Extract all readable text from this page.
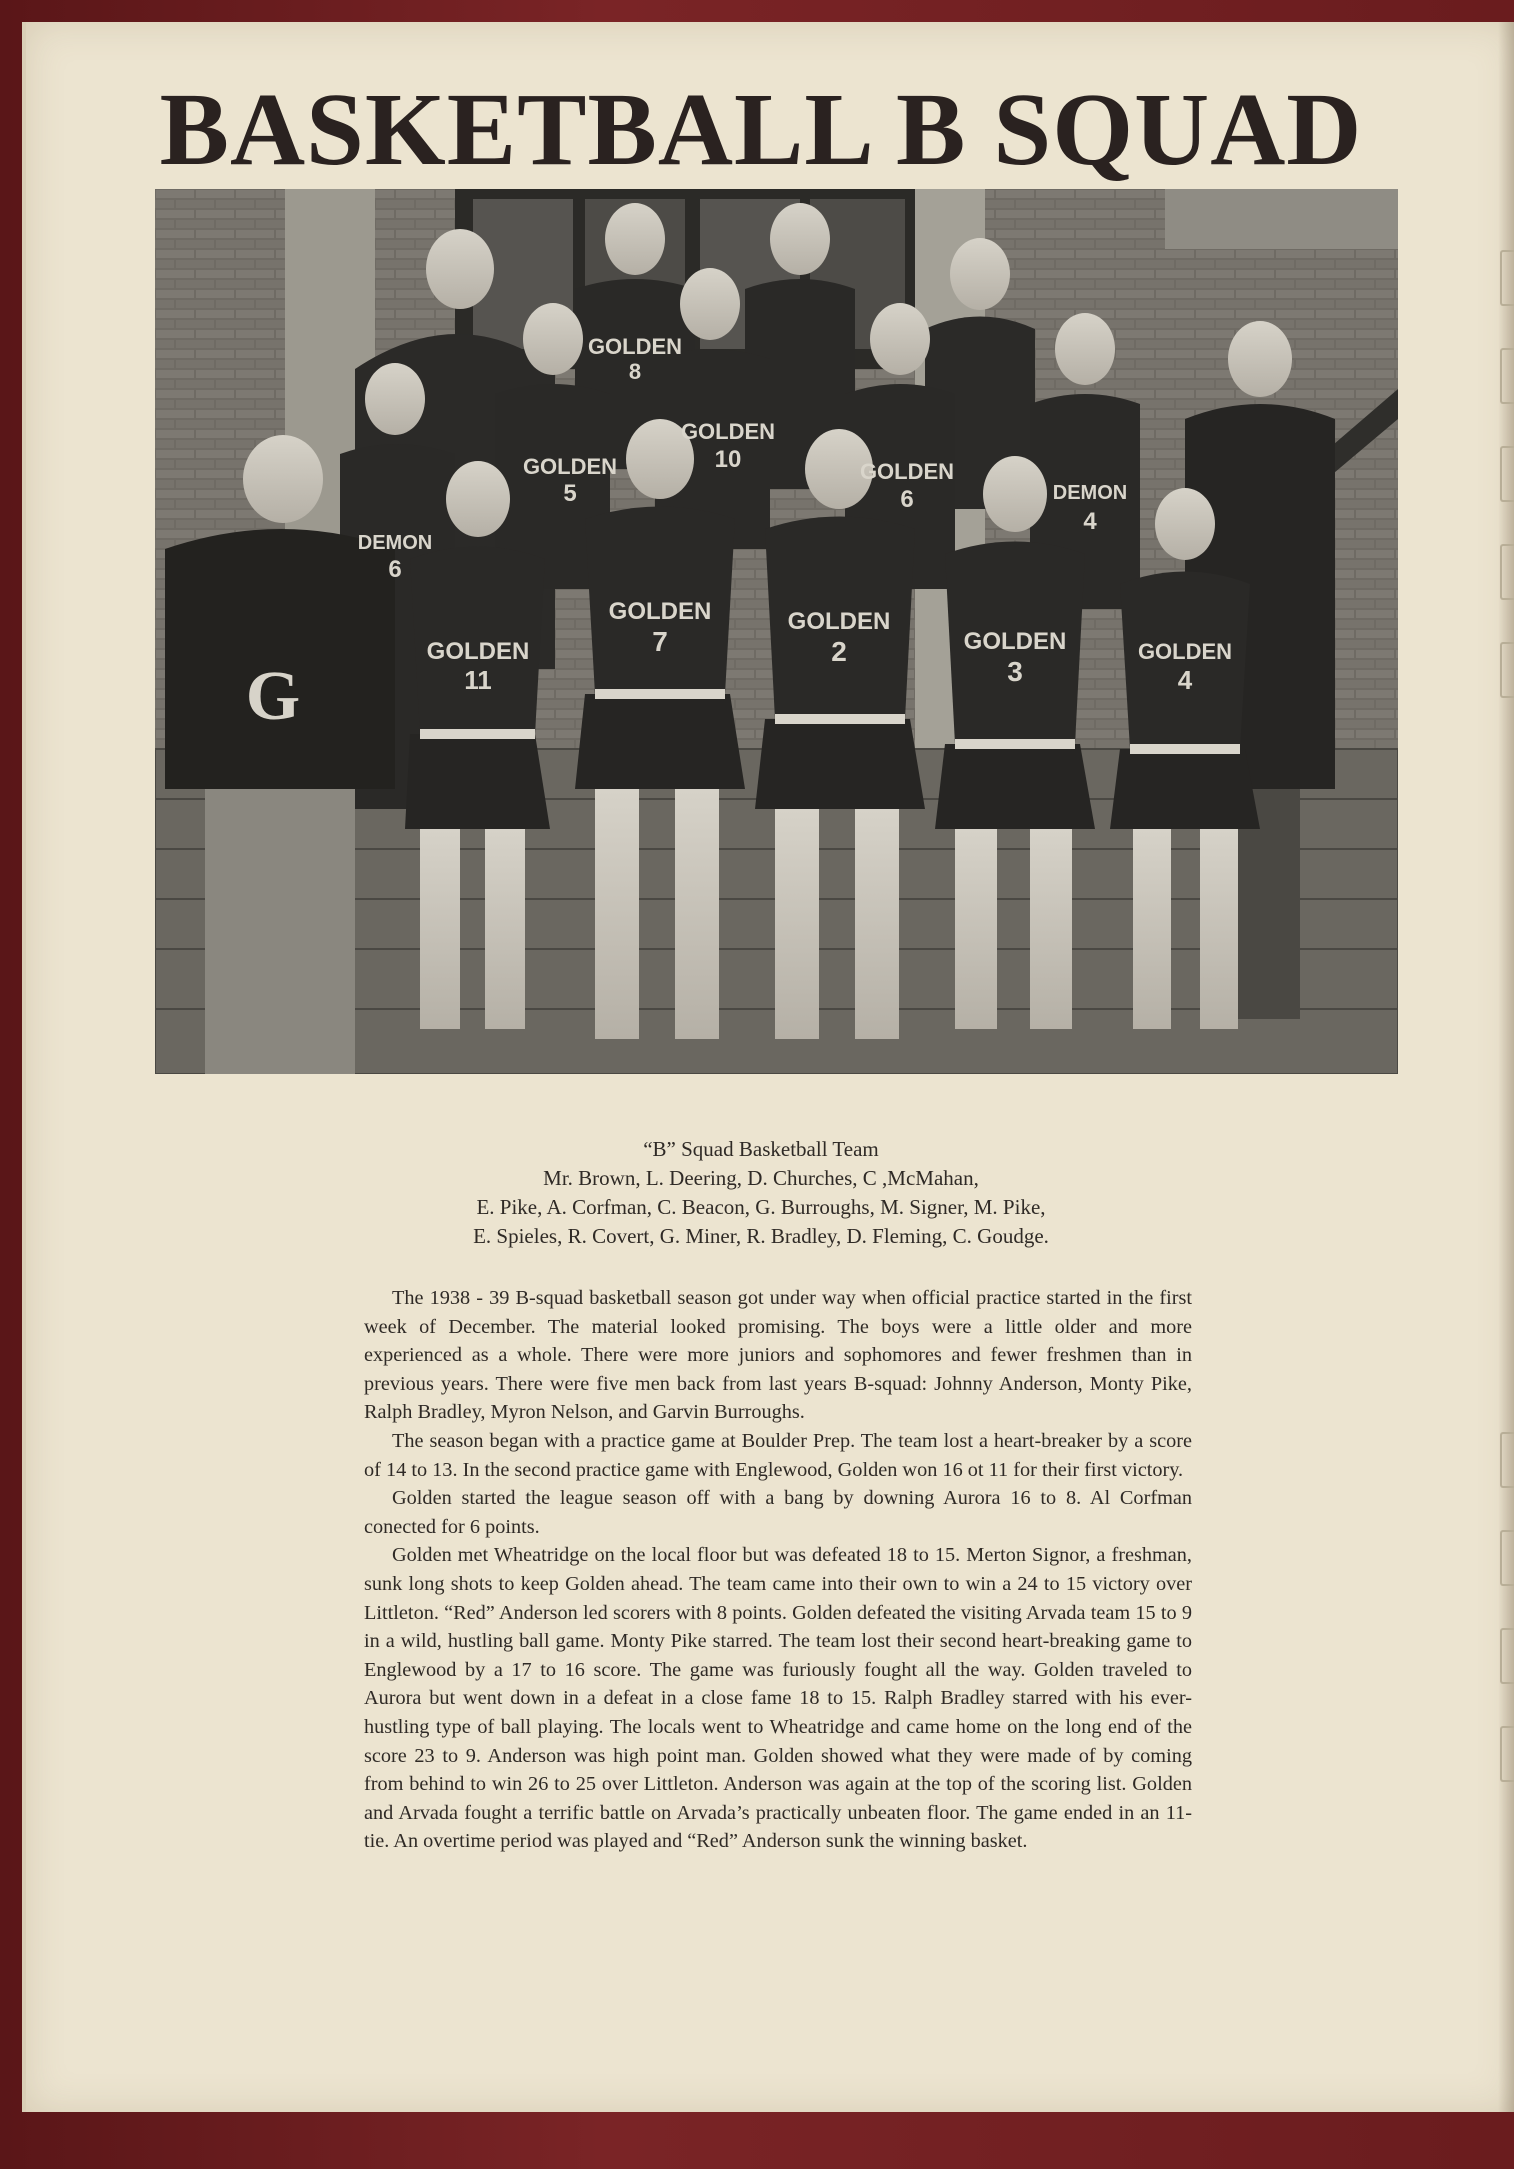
BASKETBALL B SQUAD
G
GOLDEN
8
GOLDEN
10
GOLDEN
5
GOLDEN
6
DEMON
6
DEMON
4
GOLDEN
11
GOLDEN
7
GOLDEN
2	GOLDEN
3
GOLDEN
4
“B” Squad Basketball Team
Mr. Brown, L. Deering, D. Churches, C ,McMahan,
E. Pike, A. Corfman, C. Beacon, G. Burroughs, M. Signer, M. Pike,
E. Spieles, R. Covert, G. Miner, R. Bradley, D. Fleming, C. Goudge.

The 1938 - 39 B-squad basketball season got under way when official practice started in the first week of December. The material looked promising. The boys were a little older and more experienced as a whole. There were more juniors and sophomores and fewer freshmen than in previous years. There were five men back from last years B-squad: Johnny Anderson, Monty Pike, Ralph Bradley, Myron Nelson, and Garvin Burroughs.

The season began with a practice game at Boulder Prep. The team lost a heart-breaker by a score of 14 to 13. In the second practice game with Englewood, Golden won 16 ot 11 for their first victory.

Golden started the league season off with a bang by downing Aurora 16 to 8. Al Corfman conected for 6 points.

Golden met Wheatridge on the local floor but was defeated 18 to 15. Merton Signor, a freshman, sunk long shots to keep Golden ahead. The team came into their own to win a 24 to 15 victory over Littleton. “Red” Anderson led scorers with 8 points. Golden defeated the visiting Arvada team 15 to 9 in a wild, hustling ball game. Monty Pike starred. The team lost their second heart-breaking game to Englewood by a 17 to 16 score. The game was furiously fought all the way. Golden traveled to Aurora but went down in a defeat in a close fame 18 to 15. Ralph Bradley starred with his ever-hustling type of ball playing. The locals went to Wheatridge and came home on the long end of the score 23 to 9. Anderson was high point man. Golden showed what they were made of by coming from behind to win 26 to 25 over Littleton. Anderson was again at the top of the scoring list. Golden and Arvada fought a terrific battle on Arvada’s practically unbeaten floor. The game ended in an 11-tie. An overtime period was played and “Red” Anderson sunk the winning basket.
